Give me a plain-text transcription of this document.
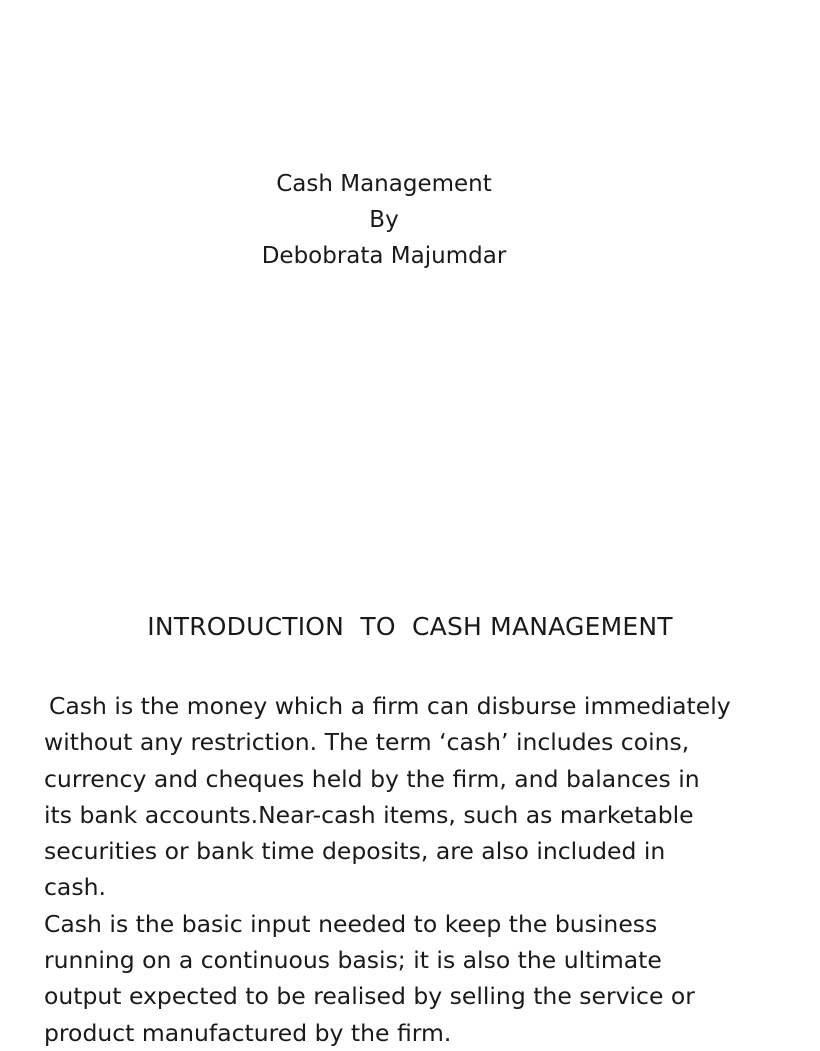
Cash Management
By
Debobrata Majumdar
INTRODUCTION  TO  CASH MANAGEMENT
Cash is the money which a firm can disburse immediately
without any restriction. The term ‘cash’ includes coins,
currency and cheques held by the firm, and balances in
its bank accounts.Near-cash items, such as marketable
securities or bank time deposits, are also included in
cash.
Cash is the basic input needed to keep the business
running on a continuous basis; it is also the ultimate
output expected to be realised by selling the service or
product manufactured by the firm.
